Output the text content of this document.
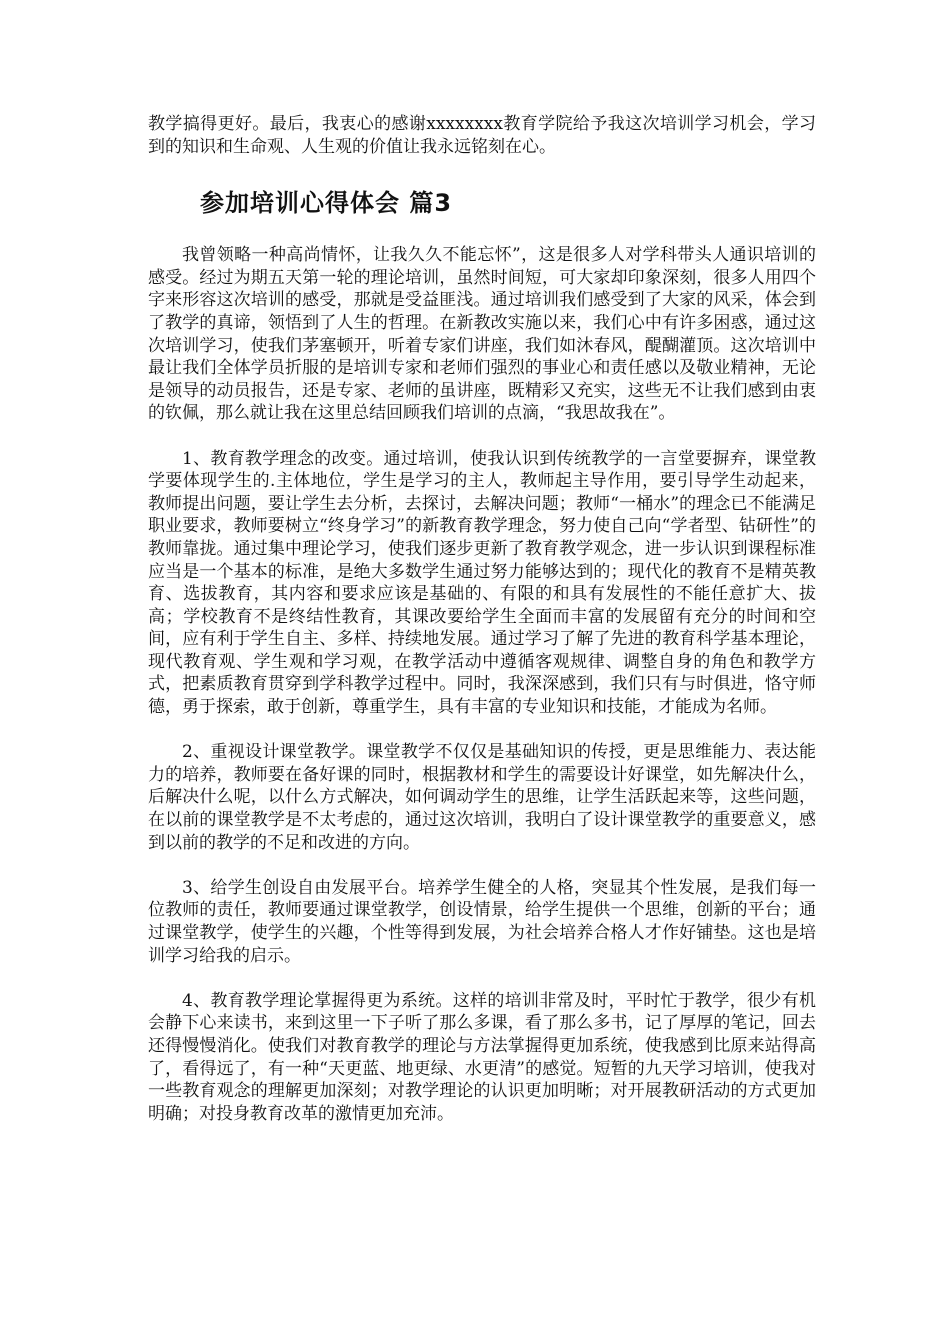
教学搞得更好。最后，我衷心的感谢xxxxxxxx教育学院给予我这次培训学习机会，学习到的知识和生命观、人生观的价值让我永远铭刻在心。

参加培训心得体会 篇3

我曾领略一种高尚情怀，让我久久不能忘怀”，这是很多人对学科带头人通识培训的感受。经过为期五天第一轮的理论培训，虽然时间短，可大家却印象深刻，很多人用四个字来形容这次培训的感受，那就是受益匪浅。通过培训我们感受到了大家的风采，体会到了教学的真谛，领悟到了人生的哲理。在新教改实施以来，我们心中有许多困惑，通过这次培训学习，使我们茅塞顿开，听着专家们讲座，我们如沐春风，醍醐灌顶。这次培训中最让我们全体学员折服的是培训专家和老师们强烈的事业心和责任感以及敬业精神，无论是领导的动员报告，还是专家、老师的虽讲座，既精彩又充实，这些无不让我们感到由衷的钦佩，那么就让我在这里总结回顾我们培训的点滴，“我思故我在”。

1、教育教学理念的改变。通过培训，使我认识到传统教学的一言堂要摒弃，课堂教学要体现学生的.主体地位，学生是学习的主人，教师起主导作用，要引导学生动起来，教师提出问题，要让学生去分析，去探讨，去解决问题；教师“一桶水”的理念已不能满足职业要求，教师要树立“终身学习”的新教育教学理念，努力使自己向“学者型、钻研性”的教师靠拢。通过集中理论学习，使我们逐步更新了教育教学观念，进一步认识到课程标准应当是一个基本的标准，是绝大多数学生通过努力能够达到的；现代化的教育不是精英教育、选拔教育，其内容和要求应该是基础的、有限的和具有发展性的不能任意扩大、拔高；学校教育不是终结性教育，其课改要给学生全面而丰富的发展留有充分的时间和空间，应有利于学生自主、多样、持续地发展。通过学习了解了先进的教育科学基本理论，现代教育观、学生观和学习观，在教学活动中遵循客观规律、调整自身的角色和教学方式，把素质教育贯穿到学科教学过程中。同时，我深深感到，我们只有与时俱进，恪守师德，勇于探索，敢于创新，尊重学生，具有丰富的专业知识和技能，才能成为名师。

2、重视设计课堂教学。课堂教学不仅仅是基础知识的传授，更是思维能力、表达能力的培养，教师要在备好课的同时，根据教材和学生的需要设计好课堂，如先解决什么，后解决什么呢，以什么方式解决，如何调动学生的思维，让学生活跃起来等，这些问题，在以前的课堂教学是不太考虑的，通过这次培训，我明白了设计课堂教学的重要意义，感到以前的教学的不足和改进的方向。

3、给学生创设自由发展平台。培养学生健全的人格，突显其个性发展，是我们每一位教师的责任，教师要通过课堂教学，创设情景，给学生提供一个思维，创新的平台；通过课堂教学，使学生的兴趣，个性等得到发展，为社会培养合格人才作好铺垫。这也是培训学习给我的启示。

4、教育教学理论掌握得更为系统。这样的培训非常及时，平时忙于教学，很少有机会静下心来读书，来到这里一下子听了那么多课，看了那么多书，记了厚厚的笔记，回去还得慢慢消化。使我们对教育教学的理论与方法掌握得更加系统，使我感到比原来站得高了，看得远了，有一种“天更蓝、地更绿、水更清”的感觉。短暂的九天学习培训，使我对一些教育观念的理解更加深刻；对教学理论的认识更加明晰；对开展教研活动的方式更加明确；对投身教育改革的激情更加充沛。
